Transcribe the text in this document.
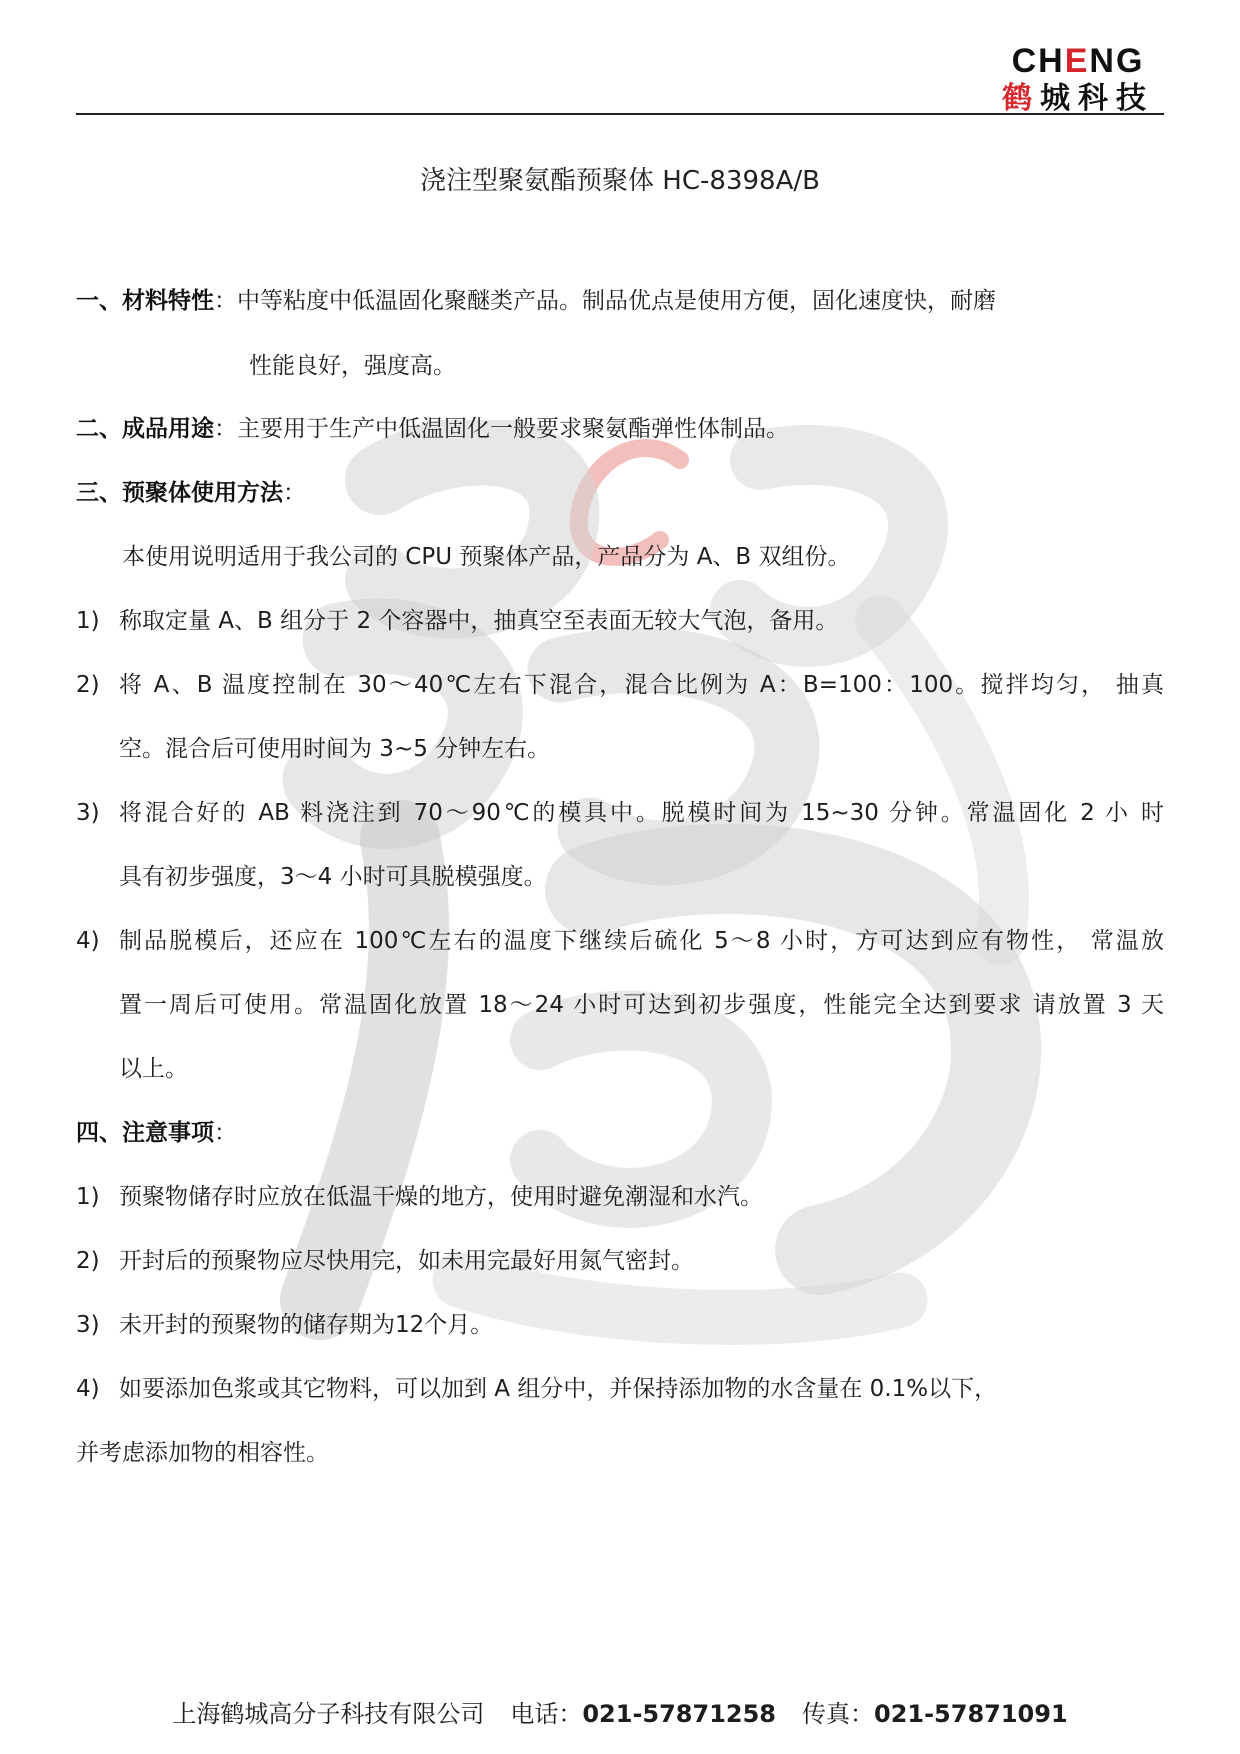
CHENG
鹤城科技
浇注型聚氨酯预聚体 HC-8398A/B
一、材料特性：中等粘度中低温固化聚醚类产品。制品优点是使用方便，固化速度快，耐磨
性能良好，强度高。
二、成品用途：主要用于生产中低温固化一般要求聚氨酯弹性体制品。
三、预聚体使用方法：
本使用说明适用于我公司的 CPU 预聚体产品，产品分为 A、B 双组份。
1) 称取定量 A、B 组分于 2 个容器中，抽真空至表面无较大气泡，备用。
2) 将 A、B 温度控制在 30～40℃左右下混合，混合比例为 A：B=100：100。搅拌均匀， 抽真
空。混合后可使用时间为 3~5 分钟左右。
3) 将混合好的 AB 料浇注到 70～90℃的模具中。脱模时间为 15~30 分钟。常温固化 2 小 时
具有初步强度，3～4 小时可具脱模强度。
4) 制品脱模后，还应在 100℃左右的温度下继续后硫化 5～8 小时，方可达到应有物性， 常温放
置一周后可使用。常温固化放置 18～24 小时可达到初步强度，性能完全达到要求 请放置 3 天
以上。
四、注意事项：
1) 预聚物储存时应放在低温干燥的地方，使用时避免潮湿和水汽。
2) 开封后的预聚物应尽快用完，如未用完最好用氮气密封。
3) 未开封的预聚物的储存期为12个月。
4) 如要添加色浆或其它物料，可以加到 A 组分中，并保持添加物的水含量在 0.1%以下，
并考虑添加物的相容性。
上海鹤城高分子科技有限公司 电话：021-57871258 传真：021-57871091
